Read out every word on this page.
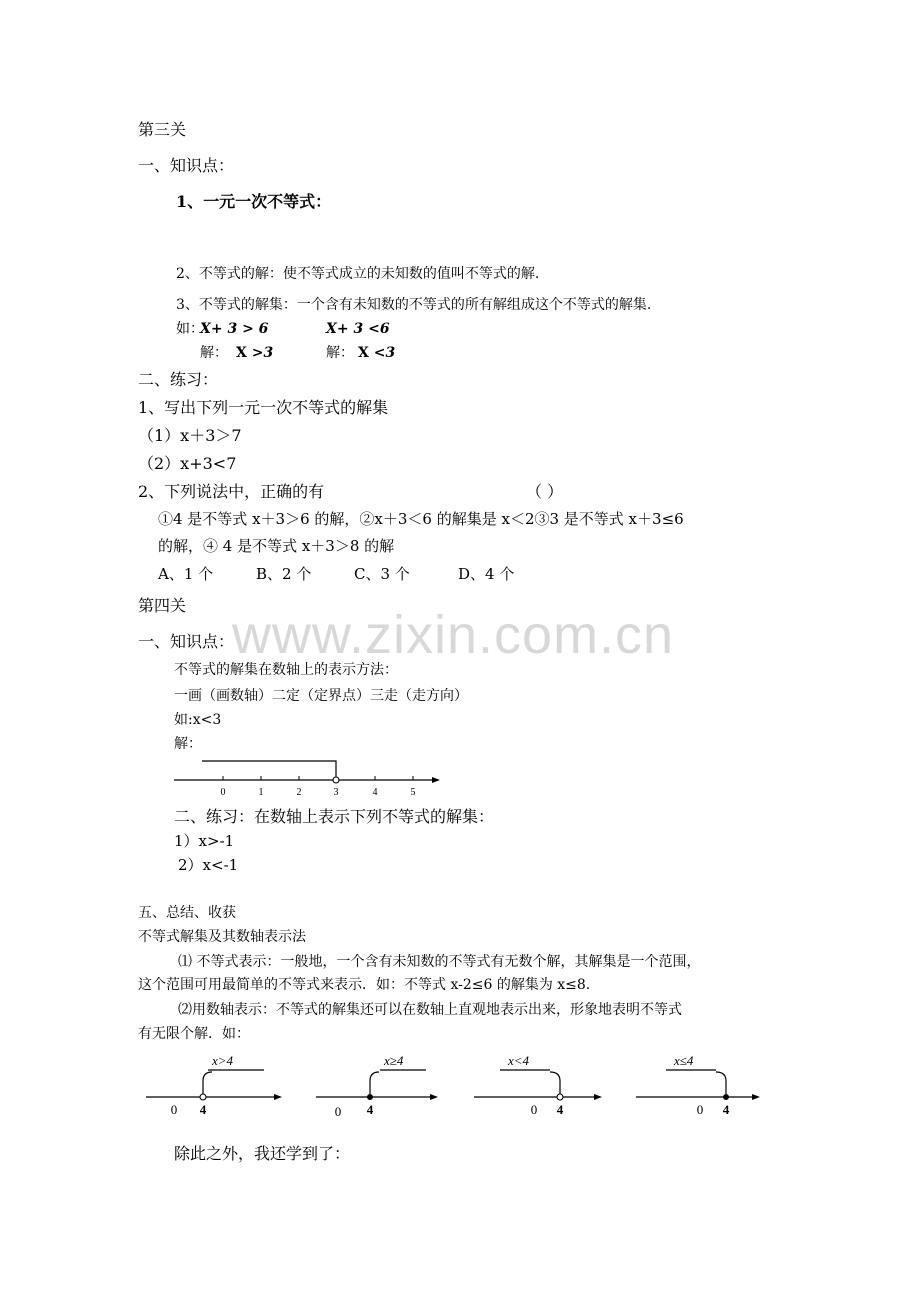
www.zixin.com.cn
第三关
一、知识点：
1、一元一次不等式：
2、不等式的解：使不等式成立的未知数的值叫不等式的解.
3、不等式的解集：一个含有未知数的不等式的所有解组成这个不等式的解集.
如：
X+ 3 > 6	X+ 3 <6
解： X >3	解： X <3
二、练习：
1、写出下列一元一次不等式的解集
（1）x＋3＞7
（2）x+3<7
2、下列说法中，正确的有	（ ）
①4 是不等式 x＋3＞6 的解，②x＋3＜6 的解集是 x＜2③3 是不等式 x＋3≤6
的解，④ 4 是不等式 x＋3＞8 的解
A、1 个	B、2 个	C、3 个	D、4 个
第四关
一、知识点：
不等式的解集在数轴上的表示方法：
一画（画数轴）二定（定界点）三走（走方向）
如:x<3
解：
0	1	2	3	4	5
二、练习：在数轴上表示下列不等式的解集：
1）x>-1
2）x<-1
五、总结、收获
不等式解集及其数轴表示法
⑴ 不等式表示：一般地，一个含有未知数的不等式有无数个解，其解集是一个范围，
这个范围可用最简单的不等式来表示．如：不等式 x-2≤6 的解集为 x≤8.
⑵用数轴表示：不等式的解集还可以在数轴上直观地表示出来，形象地表明不等式
有无限个解．如：
x>4
0 4
x≥4
0 4
x<4
0 4
x≤4
0 4
除此之外，我还学到了：
